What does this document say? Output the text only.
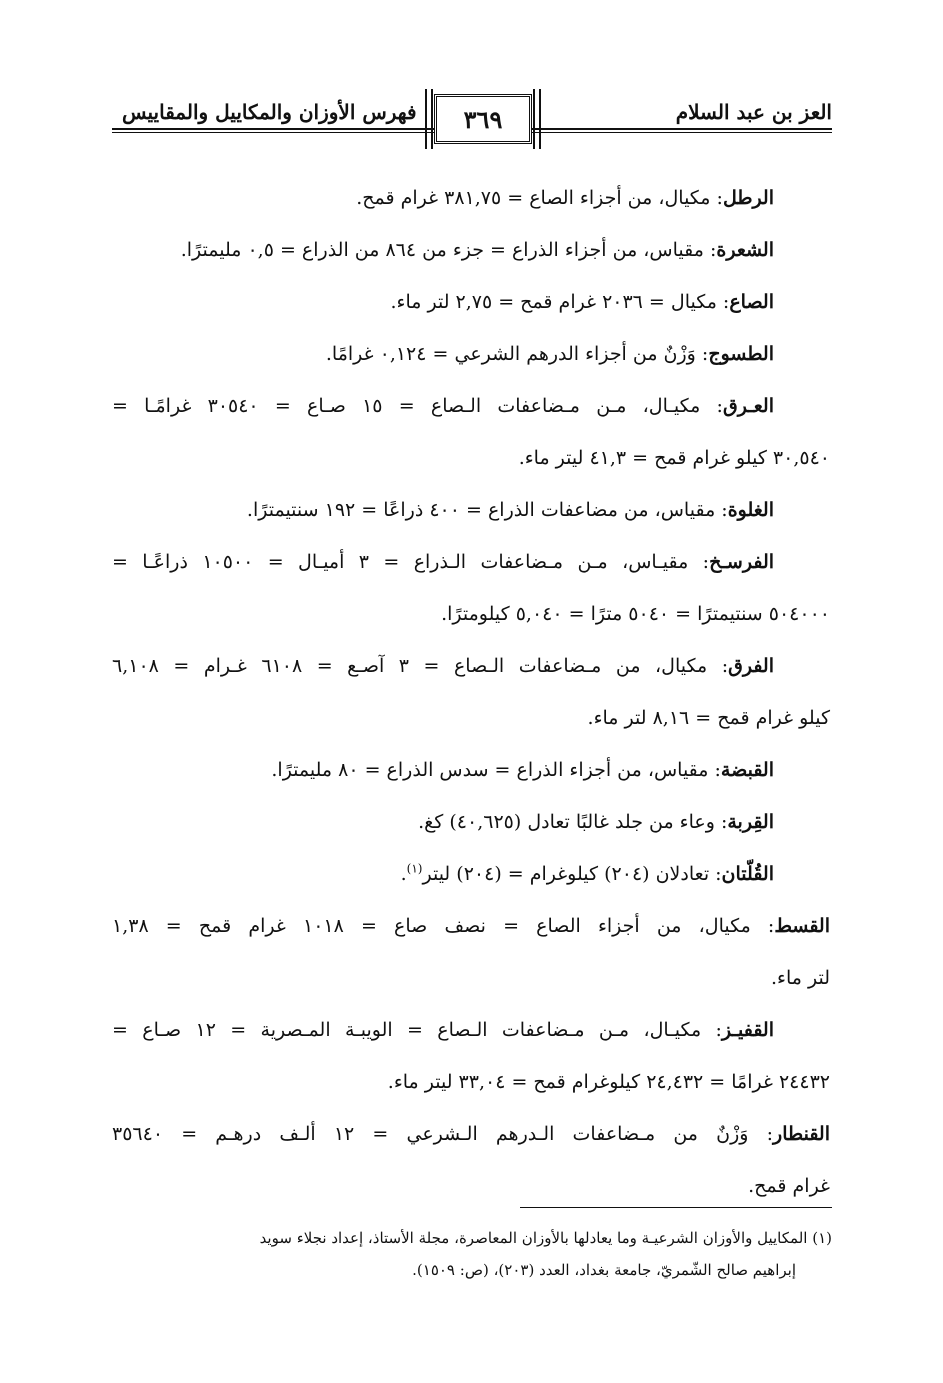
العز بن عبد السلام
فهرس الأوزان والمكاييل والمقاييس	٣٦٩
الرطل: مكيال، من أجزاء الصاع = ٣٨١,٧٥ غرام قمح.
الشعرة: مقياس، من أجزاء الذراع = جزء من ٨٦٤ من الذراع = ٠,٥ مليمترًا.
الصاع: مكيال = ٢٠٣٦ غرام قمح = ٢,٧٥ لتر ماء.
الطسوج: وَزْنٌ من أجزاء الدرهم الشرعي = ٠,١٢٤ غرامًا.
العـرق: مكيـال، مـن مـضاعفات الـصاع = ١٥ صـاع = ٣٠٥٤٠ غرامًـا =
٣٠,٥٤٠ كيلو غرام قمح = ٤١,٣ ليتر ماء.
الغلوة: مقياس، من مضاعفات الذراع = ٤٠٠ ذراعًا = ١٩٢ سنتيمترًا.
الفرسـخ: مقيـاس، مـن مـضاعفات الـذراع = ٣ أميـال = ١٠٥٠٠ ذراعًـا =
٥٠٤٠٠٠ سنتيمترًا = ٥٠٤٠ مترًا = ٥,٠٤٠ كيلومترًا.
الفرق: مكيال، من مـضاعفات الـصاع = ٣ آصـع = ٦١٠٨ غـرام = ٦,١٠٨
كيلو غرام قمح = ٨,١٦ لتر ماء.
القبضة: مقياس، من أجزاء الذراع = سدس الذراع = ٨٠ مليمترًا.
القِربة: وعاء من جلد غالبًا تعادل (٤٠,٦٢٥) كغ.
القُلّتان: تعادلان (٢٠٤) كيلوغرام = (٢٠٤) ليتر$^{(١)}$.
القسط: مكيال، من أجزاء الصاع = نصف صاع = ١٠١٨ غرام قمح = ١,٣٨
لتر ماء.
القفيـز: مكيـال، مـن مـضاعفات الـصاع = الويبـة المـصرية = ١٢ صـاع =
٢٤٤٣٢ غرامًا = ٢٤,٤٣٢ كيلوغرام قمح = ٣٣,٠٤ ليتر ماء.
القنطار: وَزْنٌ من مـضاعفات الـدرهم الـشرعي = ١٢ ألـف درهـم = ٣٥٦٤٠
غرام قمح.
(١) المكاييل والأوزان الشرعيـة وما يعادلها بالأوزان المعاصرة، مجلة الأستاذ، إعداد نجلاء سويد
إبراهيم صالح الشّمريّ، جامعة بغداد، العدد (٢٠٣)، (ص: ١٥٠٩).
